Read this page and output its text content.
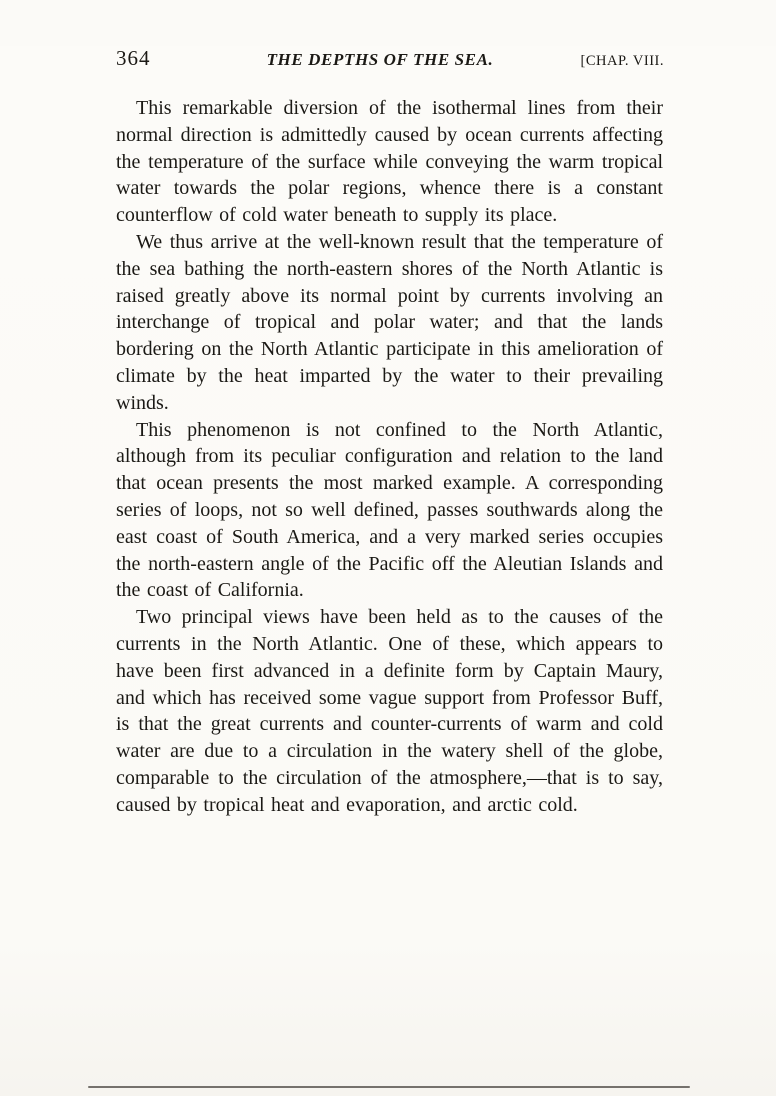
364	THE DEPTHS OF THE SEA.	[CHAP. VIII.

This remarkable diversion of the isothermal lines from their normal direction is admittedly caused by ocean currents affecting the temperature of the surface while conveying the warm tropical water towards the polar regions, whence there is a constant counterflow of cold water beneath to supply its place.

We thus arrive at the well-known result that the temperature of the sea bathing the north-eastern shores of the North Atlantic is raised greatly above its normal point by currents involving an interchange of tropical and polar water; and that the lands bordering on the North Atlantic participate in this amelioration of climate by the heat imparted by the water to their prevailing winds.

This phenomenon is not confined to the North Atlantic, although from its peculiar configuration and relation to the land that ocean presents the most marked example. A corresponding series of loops, not so well defined, passes southwards along the east coast of South America, and a very marked series occupies the north-eastern angle of the Pacific off the Aleutian Islands and the coast of California.

Two principal views have been held as to the causes of the currents in the North Atlantic. One of these, which appears to have been first advanced in a definite form by Captain Maury, and which has received some vague support from Professor Buff, is that the great currents and counter-currents of warm and cold water are due to a circulation in the watery shell of the globe, comparable to the circulation of the atmosphere,—that is to say, caused by tropical heat and evaporation, and arctic cold.
